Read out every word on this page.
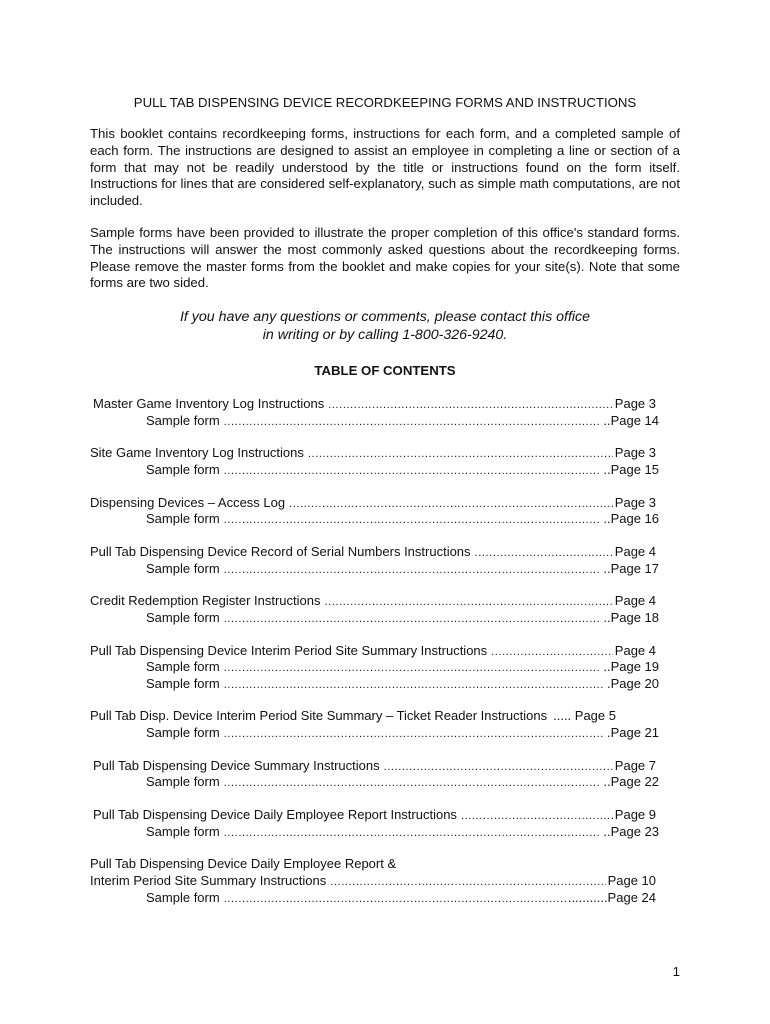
PULL TAB DISPENSING DEVICE RECORDKEEPING FORMS AND INSTRUCTIONS

This booklet contains recordkeeping forms, instructions for each form, and a completed sample of each form. The instructions are designed to assist an employee in completing a line or section of a form that may not be readily understood by the title or instructions found on the form itself. Instructions for lines that are considered self-explanatory, such as simple math computations, are not included.

Sample forms have been provided to illustrate the proper completion of this office's standard forms. The instructions will answer the most commonly asked questions about the recordkeeping forms. Please remove the master forms from the booklet and make copies for your site(s). Note that some forms are two sided.

If you have any questions or comments, please contact this office
in writing or by calling 1-800-326-9240.
TABLE OF CONTENTS
Master Game Inventory Log Instructions .....	Page 3
Sample form .....	..Page 14
Site Game Inventory Log Instructions .....	Page 3
Sample form .....	..Page 15
Dispensing Devices – Access Log .....	Page 3
Sample form .....	..Page 16
Pull Tab Dispensing Device Record of Serial Numbers Instructions .....	Page 4
Sample form .....	..Page 17
Credit Redemption Register Instructions .....	Page 4
Sample form .....	..Page 18
Pull Tab Dispensing Device Interim Period Site Summary Instructions .....	Page 4
Sample form .....	..Page 19
Sample form .....	.Page 20
Pull Tab Disp. Device Interim Period Site Summary – Ticket Reader Instructions ..... Page 5
Sample form .....	.Page 21
Pull Tab Dispensing Device Summary Instructions .....	Page 7
Sample form .....	..Page 22
Pull Tab Dispensing Device Daily Employee Report Instructions .....	Page 9
Sample form .....	..Page 23
Pull Tab Dispensing Device Daily Employee Report &
Interim Period Site Summary Instructions .....	Page 10
Sample form .....	...........Page 24
1
